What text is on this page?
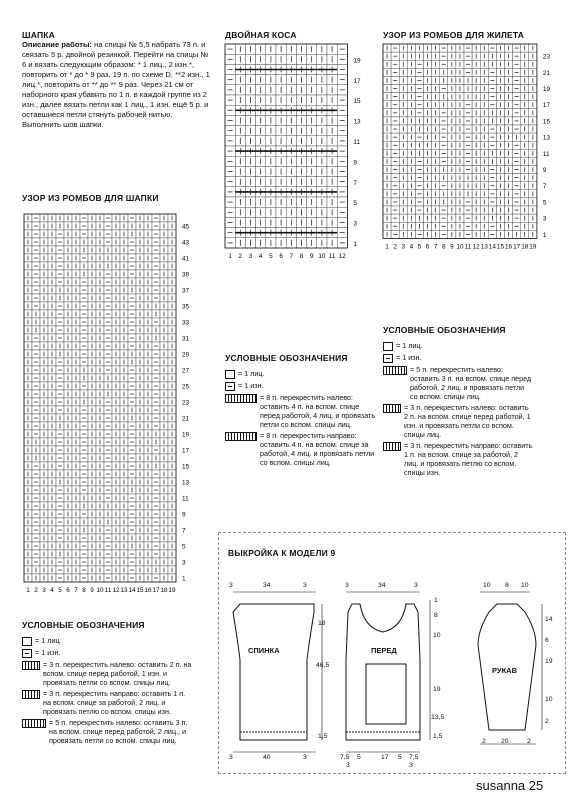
ШАПКА
Описание работы: на спицы № 5,5 набрать 73 п. и связать 5 р. двойной резинкой. Перейти на спицы № 6 и вязать следующим образом: * 1 лиц., 2 изн.*, повторить от * до * 9 раз, 19 п. по схеме D, **2 изн., 1 лиц.*, повторить от ** до ** 9 раз. Через 21 см от наборного края убавить по 1 п. в каждой группе из 2 изн., далее вязать петли как 1 лиц., 1 изн. ещё 5 р. и оставшиеся петли стянуть рабочей нитью. Выполнить шов шапки.
ДВОЙНАЯ КОСА
19
17
15
13
11
9
7
5
3
1
1 2 3 4 5 6 7 8 9 10 11 12
23
21
19
17
15
13
11
9
7
5
3
1
1 2 3 4 5 6 7 8 9 10 11 12 13 14 15 16 17 18 19
45
43
41
39
37
35
33
31
29
27
25
23
21
19
17
15
13
11
9
7
5
3
1
1 2 3 4 5 6 7 8 9 10 11 12 13 14 15 16 17 18 19
УЗОР ИЗ РОМБОВ ДЛЯ ЖИЛЕТА
УЗОР ИЗ РОМБОВ ДЛЯ ШАПКИ
УСЛОВНЫЕ ОБОЗНАЧЕНИЯ
= 1 лиц.
= 1 изн.
= 8 п. перекрестить налево: оставить 4 п. на вспом. спице перед работой, 4 лиц. и провязать петли со вспом. спицы лиц.
= 8 п. перекрестить направо: оставить 4 п. на вспом. спице за работой, 4 лиц. и провязать петли со вспом. спицы лиц.
УСЛОВНЫЕ ОБОЗНАЧЕНИЯ
= 1 лиц.
= 1 изн.
= 5 п. перекрестить налево: оставить 3 п. на вспом. спице перед работой, 2 лиц. и провязать петли со вспом. спицы лиц.
= 3 п. перекрестить налево: оставить 2 п. на вспом. спице перед работой, 1 изн. и провязать петли со вспом. спицы лиц.
= 3 п. перекрестить направо: оставить 1 п. на вспом. спице за работой, 2 лиц. и провязать петлю со вспом. спицы изн.
УСЛОВНЫЕ ОБОЗНАЧЕНИЯ
= 1 лиц.
= 1 изн.
= 3 п. перекрестить налево: оставить 2 п. на вспом. спице перед работой, 1 изн. и провязать петли со вспом. спицы лиц.
= 3 п. перекрестить направо: оставить 1 п. на вспом. спице за работой, 2 лиц. и провязать петлю со вспом. спицы изн.
= 5 п. перекрестить налево: оставить 3 п. на вспом. спице перед работой, 2 лиц., и провязать петли со вспом. спицы лиц.
ВЫКРОЙКА К МОДЕЛИ 9
СПИНКА	ПЕРЕД
РУКАВ
3	34	3
18
46,5
1,5
3	40	3
3	34	3
1
8
10
19
13,5
1,5
7,5 5	17 5 7,5
3	3
10 8 10
14
6
19
10
2
2 20	2
susanna 25
